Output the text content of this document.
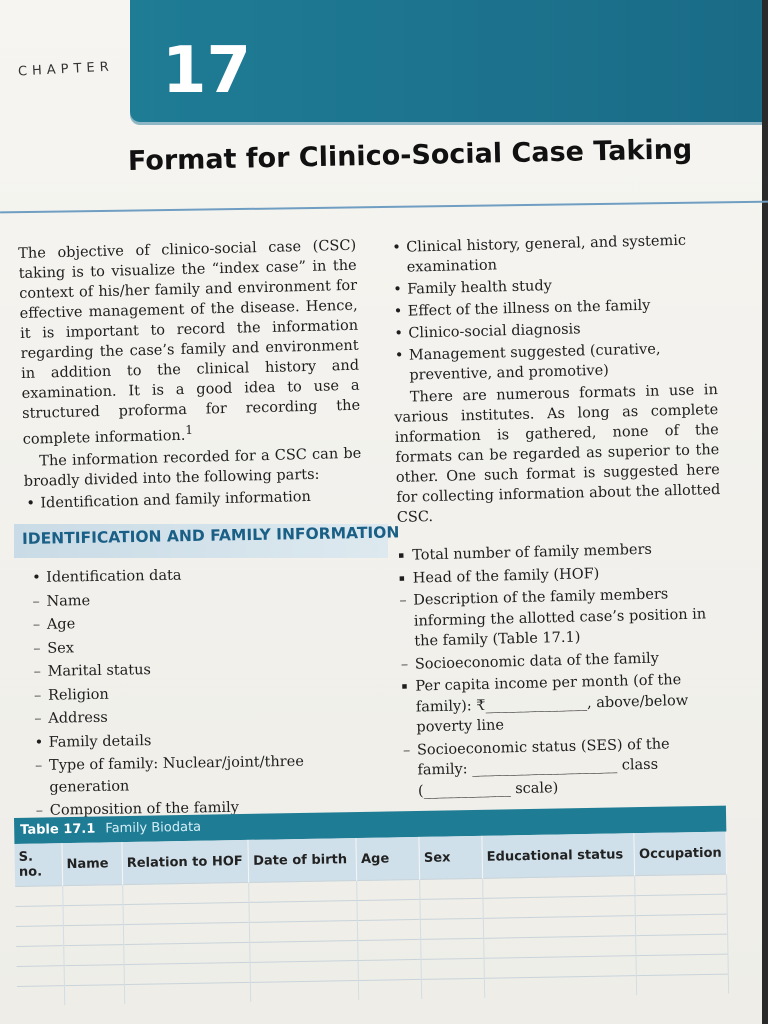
CHAPTER 17
Format for Clinico-Social Case Taking

The objective of clinico-social case (CSC) taking is to visualize the “index case” in the context of his/her family and environment for effective management of the disease. Hence, it is important to record the information regarding the case’s family and environment in addition to the clinical history and examination. It is a good idea to use a structured proforma for recording the complete information.$^1$

The information recorded for a CSC can be broadly divided into the following parts:

• Identification and family information
• Clinical history, general, and systemic examination
• Family health study
• Effect of the illness on the family
• Clinico-social diagnosis
• Management suggested (curative, preventive, and promotive)

There are numerous formats in use in various institutes. As long as complete information is gathered, none of the formats can be regarded as superior to the other. One such format is suggested here for collecting information about the allotted CSC.

IDENTIFICATION AND FAMILY INFORMATION
• Identification data
– Name
– Age
– Sex
– Marital status
– Religion
– Address
• Family details
– Type of family: Nuclear/joint/three generation
– Composition of the family
▪ Total number of family members
▪ Head of the family (HOF)
– Description of the family members informing the allotted case’s position in the family (Table 17.1)
– Socioeconomic data of the family
▪ Per capita income per month (of the family): ₹______________, above/below poverty line
– Socioeconomic status (SES) of the family: ____________________ class (____________ scale)
Table 17.1 Family Biodata
S. no.	Name	Relation to HOF	Date of birth	Age	Sex	Educational status	Occupation
